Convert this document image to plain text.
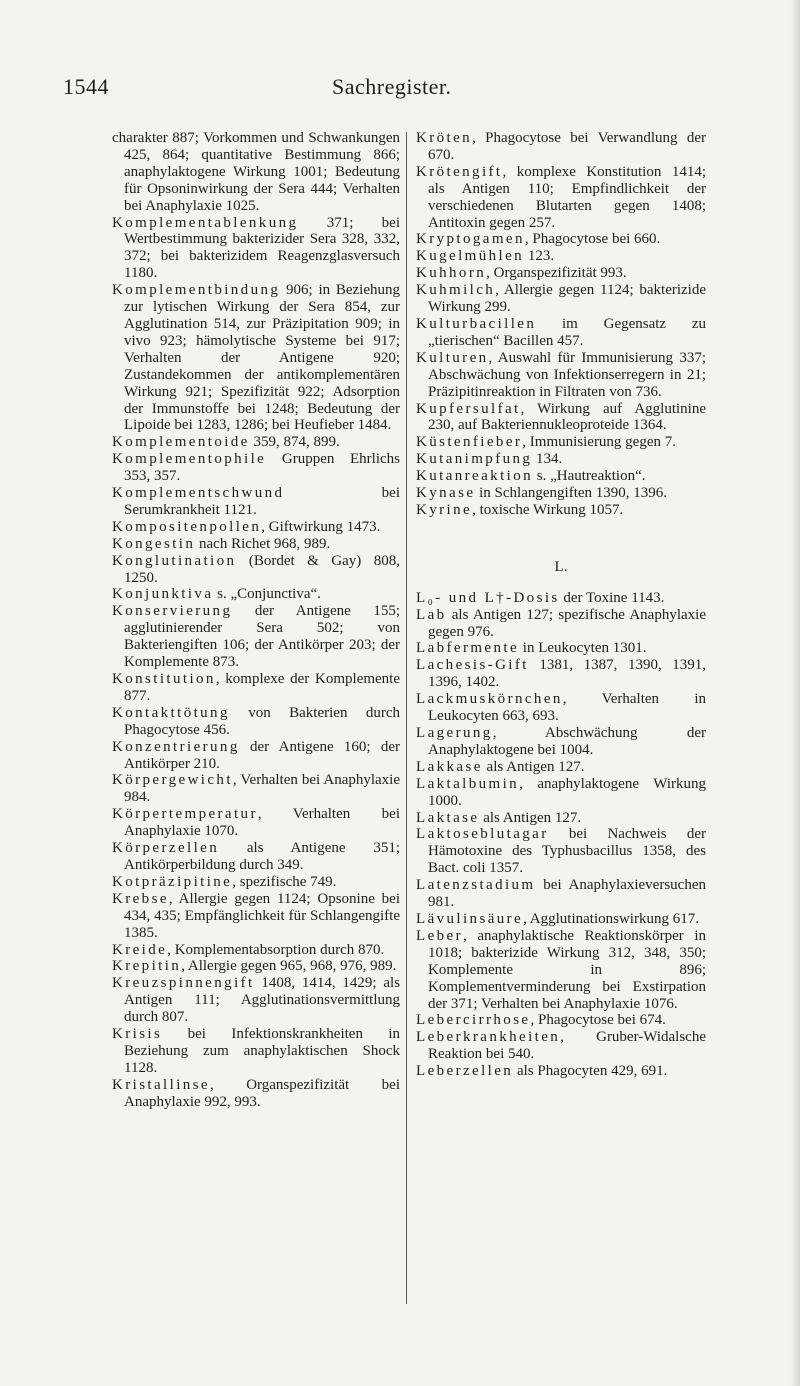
1544	Sachregister.

charakter 887; Vorkommen und Schwankungen 425, 864; quantitative Bestimmung 866; anaphylaktogene Wirkung 1001; Bedeutung für Opsoninwirkung der Sera 444; Verhalten bei Anaphylaxie 1025.

Komplementablenkung 371; bei Wertbestimmung bakterizider Sera 328, 332, 372; bei bakterizidem Reagenzglasversuch 1180.

Komplementbindung 906; in Beziehung zur lytischen Wirkung der Sera 854, zur Agglutination 514, zur Präzipitation 909; in vivo 923; hämolytische Systeme bei 917; Verhalten der Antigene 920; Zustandekommen der antikomplementären Wirkung 921; Spezifizität 922; Adsorption der Immunstoffe bei 1248; Bedeutung der Lipoide bei 1283, 1286; bei Heufieber 1484.

Komplementoide 359, 874, 899.

Komplementophile Gruppen Ehrlichs 353, 357.

Komplementschwund bei Serumkrankheit 1121.

Kompositenpollen, Giftwirkung 1473.

Kongestin nach Richet 968, 989.

Konglutination (Bordet & Gay) 808, 1250.

Konjunktiva s. „Conjunctiva“.

Konservierung der Antigene 155; agglutinierender Sera 502; von Bakteriengiften 106; der Antikörper 203; der Komplemente 873.

Konstitution, komplexe der Komplemente 877.

Kontakttötung von Bakterien durch Phagocytose 456.

Konzentrierung der Antigene 160; der Antikörper 210.

Körpergewicht, Verhalten bei Anaphylaxie 984.

Körpertemperatur, Verhalten bei Anaphylaxie 1070.

Körperzellen als Antigene 351; Antikörperbildung durch 349.

Kotpräzipitine, spezifische 749.

Krebse, Allergie gegen 1124; Opsonine bei 434, 435; Empfänglichkeit für Schlangengifte 1385.

Kreide, Komplementabsorption durch 870.

Krepitin, Allergie gegen 965, 968, 976, 989.

Kreuzspinnengift 1408, 1414, 1429; als Antigen 111; Agglutinationsvermittlung durch 807.

Krisis bei Infektionskrankheiten in Beziehung zum anaphylaktischen Shock 1128.

Kristallinse, Organspezifizität bei Anaphylaxie 992, 993.

Kröten, Phagocytose bei Verwandlung der 670.

Krötengift, komplexe Konstitution 1414; als Antigen 110; Empfindlichkeit der verschiedenen Blutarten gegen 1408; Antitoxin gegen 257.

Kryptogamen, Phagocytose bei 660.

Kugelmühlen 123.

Kuhhorn, Organspezifizität 993.

Kuhmilch, Allergie gegen 1124; bakterizide Wirkung 299.

Kulturbacillen im Gegensatz zu „tierischen“ Bacillen 457.

Kulturen, Auswahl für Immunisierung 337; Abschwächung von Infektionserregern in 21; Präzipitinreaktion in Filtraten von 736.

Kupfersulfat, Wirkung auf Agglutinine 230, auf Bakteriennukleoproteide 1364.

Küstenfieber, Immunisierung gegen 7.

Kutanimpfung 134.

Kutanreaktion s. „Hautreaktion“.

Kynase in Schlangengiften 1390, 1396.

Kyrine, toxische Wirkung 1057.

L.

L₀- und L†-Dosis der Toxine 1143.

Lab als Antigen 127; spezifische Anaphylaxie gegen 976.

Labfermente in Leukocyten 1301.

Lachesis-Gift 1381, 1387, 1390, 1391, 1396, 1402.

Lackmuskörnchen, Verhalten in Leukocyten 663, 693.

Lagerung, Abschwächung der Anaphylaktogene bei 1004.

Lakkase als Antigen 127.

Laktalbumin, anaphylaktogene Wirkung 1000.

Laktase als Antigen 127.

Laktoseblutagar bei Nachweis der Hämotoxine des Typhusbacillus 1358, des Bact. coli 1357.

Latenzstadium bei Anaphylaxieversuchen 981.

Lävulinsäure, Agglutinationswirkung 617.

Leber, anaphylaktische Reaktionskörper in 1018; bakterizide Wirkung 312, 348, 350; Komplemente in 896; Komplementverminderung bei Exstirpation der 371; Verhalten bei Anaphylaxie 1076.

Lebercirrhose, Phagocytose bei 674.

Leberkrankheiten, Gruber-Widalsche Reaktion bei 540.

Leberzellen als Phagocyten 429, 691.
